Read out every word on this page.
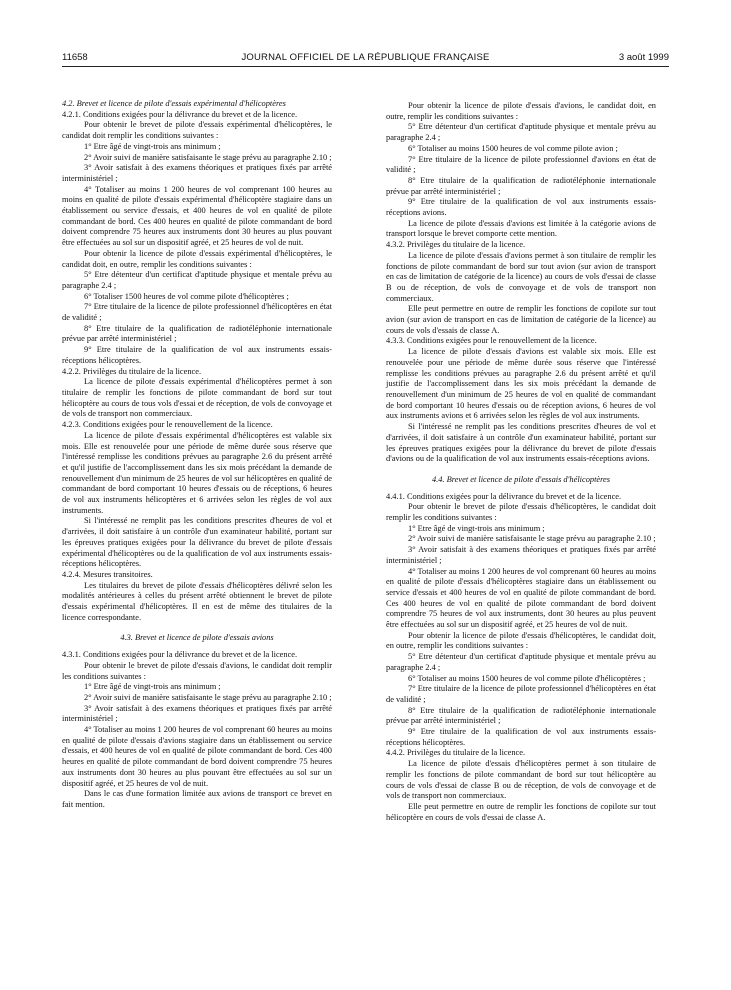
11658	JOURNAL OFFICIEL DE LA RÉPUBLIQUE FRANÇAISE	3 août 1999

4.2. Brevet et licence de pilote d'essais expérimental d'hélicoptères

4.2.1. Conditions exigées pour la délivrance du brevet et de la licence.

Pour obtenir le brevet de pilote d'essais expérimental d'hélicoptères, le candidat doit remplir les conditions suivantes :

1° Etre âgé de vingt-trois ans minimum ;

2° Avoir suivi de manière satisfaisante le stage prévu au paragraphe 2.10 ;

3° Avoir satisfait à des examens théoriques et pratiques fixés par arrêté interministériel ;

4° Totaliser au moins 1 200 heures de vol comprenant 100 heures au moins en qualité de pilote d'essais expérimental d'hélicoptère stagiaire dans un établissement ou service d'essais, et 400 heures de vol en qualité de pilote commandant de bord. Ces 400 heures en qualité de pilote commandant de bord doivent comprendre 75 heures aux instruments dont 30 heures au plus pouvant être effectuées au sol sur un dispositif agréé, et 25 heures de vol de nuit.

Pour obtenir la licence de pilote d'essais expérimental d'hélicoptères, le candidat doit, en outre, remplir les conditions suivantes :

5° Etre détenteur d'un certificat d'aptitude physique et mentale prévu au paragraphe 2.4 ;

6° Totaliser 1500 heures de vol comme pilote d'hélicoptères ;

7° Etre titulaire de la licence de pilote professionnel d'hélicoptères en état de validité ;

8° Etre titulaire de la qualification de radiotéléphonie internationale prévue par arrêté interministériel ;

9° Etre titulaire de la qualification de vol aux instruments essais-réceptions hélicoptères.

4.2.2. Privilèges du titulaire de la licence.

La licence de pilote d'essais expérimental d'hélicoptères permet à son titulaire de remplir les fonctions de pilote commandant de bord sur tout hélicoptère au cours de tous vols d'essai et de réception, de vols de convoyage et de vols de transport non commerciaux.

4.2.3. Conditions exigées pour le renouvellement de la licence.

La licence de pilote d'essais expérimental d'hélicoptères est valable six mois. Elle est renouvelée pour une période de même durée sous réserve que l'intéressé remplisse les conditions prévues au paragraphe 2.6 du présent arrêté et qu'il justifie de l'accomplissement dans les six mois précédant la demande de renouvellement d'un minimum de 25 heures de vol sur hélicoptères en qualité de commandant de bord comportant 10 heures d'essais ou de réceptions, 6 heures de vol aux instruments hélicoptères et 6 arrivées selon les règles de vol aux instruments.

Si l'intéressé ne remplit pas les conditions prescrites d'heures de vol et d'arrivées, il doit satisfaire à un contrôle d'un examinateur habilité, portant sur les épreuves pratiques exigées pour la délivrance du brevet de pilote d'essais expérimental d'hélicoptères ou de la qualification de vol aux instruments essais-réceptions hélicoptères.

4.2.4. Mesures transitoires.

Les titulaires du brevet de pilote d'essais d'hélicoptères délivré selon les modalités antérieures à celles du présent arrêté obtiennent le brevet de pilote d'essais expérimental d'hélicoptères. Il en est de même des titulaires de la licence correspondante.

4.3. Brevet et licence de pilote d'essais avions

4.3.1. Conditions exigées pour la délivrance du brevet et de la licence.

Pour obtenir le brevet de pilote d'essais d'avions, le candidat doit remplir les conditions suivantes :

1° Etre âgé de vingt-trois ans minimum ;

2° Avoir suivi de manière satisfaisante le stage prévu au paragraphe 2.10 ;

3° Avoir satisfait à des examens théoriques et pratiques fixés par arrêté interministériel ;

4° Totaliser au moins 1 200 heures de vol comprenant 60 heures au moins en qualité de pilote d'essais d'avions stagiaire dans un établissement ou service d'essais, et 400 heures de vol en qualité de pilote commandant de bord. Ces 400 heures en qualité de pilote commandant de bord doivent comprendre 75 heures aux instruments dont 30 heures au plus pouvant être effectuées au sol sur un dispositif agréé, et 25 heures de vol de nuit.

Dans le cas d'une formation limitée aux avions de transport ce brevet en fait mention.

Pour obtenir la licence de pilote d'essais d'avions, le candidat doit, en outre, remplir les conditions suivantes :

5° Etre détenteur d'un certificat d'aptitude physique et mentale prévu au paragraphe 2.4 ;

6° Totaliser au moins 1500 heures de vol comme pilote avion ;

7° Etre titulaire de la licence de pilote professionnel d'avions en état de validité ;

8° Etre titulaire de la qualification de radiotéléphonie internationale prévue par arrêté interministériel ;

9° Etre titulaire de la qualification de vol aux instruments essais-réceptions avions.

La licence de pilote d'essais d'avions est limitée à la catégorie avions de transport lorsque le brevet comporte cette mention.

4.3.2. Privilèges du titulaire de la licence.

La licence de pilote d'essais d'avions permet à son titulaire de remplir les fonctions de pilote commandant de bord sur tout avion (sur avion de transport en cas de limitation de catégorie de la licence) au cours de vols d'essai de classe B ou de réception, de vols de convoyage et de vols de transport non commerciaux.

Elle peut permettre en outre de remplir les fonctions de copilote sur tout avion (sur avion de transport en cas de limitation de catégorie de la licence) au cours de vols d'essais de classe A.

4.3.3. Conditions exigées pour le renouvellement de la licence.

La licence de pilote d'essais d'avions est valable six mois. Elle est renouvelée pour une période de même durée sous réserve que l'intéressé remplisse les conditions prévues au paragraphe 2.6 du présent arrêté et qu'il justifie de l'accomplissement dans les six mois précédant la demande de renouvellement d'un minimum de 25 heures de vol en qualité de commandant de bord comportant 10 heures d'essais ou de réception avions, 6 heures de vol aux instruments avions et 6 arrivées selon les règles de vol aux instruments.

Si l'intéressé ne remplit pas les conditions prescrites d'heures de vol et d'arrivées, il doit satisfaire à un contrôle d'un examinateur habilité, portant sur les épreuves pratiques exigées pour la délivrance du brevet de pilote d'essais d'avions ou de la qualification de vol aux instruments essais-réceptions avions.

4.4. Brevet et licence de pilote d'essais d'hélicoptères

4.4.1. Conditions exigées pour la délivrance du brevet et de la licence.

Pour obtenir le brevet de pilote d'essais d'hélicoptères, le candidat doit remplir les conditions suivantes :

1° Etre âgé de vingt-trois ans minimum ;

2° Avoir suivi de manière satisfaisante le stage prévu au paragraphe 2.10 ;

3° Avoir satisfait à des examens théoriques et pratiques fixés par arrêté interministériel ;

4° Totaliser au moins 1 200 heures de vol comprenant 60 heures au moins en qualité de pilote d'essais d'hélicoptères stagiaire dans un établissement ou service d'essais et 400 heures de vol en qualité de pilote commandant de bord. Ces 400 heures de vol en qualité de pilote commandant de bord doivent comprendre 75 heures de vol aux instruments, dont 30 heures au plus peuvent être effectuées au sol sur un dispositif agréé, et 25 heures de vol de nuit.

Pour obtenir la licence de pilote d'essais d'hélicoptères, le candidat doit, en outre, remplir les conditions suivantes :

5° Etre détenteur d'un certificat d'aptitude physique et mentale prévu au paragraphe 2.4 ;

6° Totaliser au moins 1500 heures de vol comme pilote d'hélicoptères ;

7° Etre titulaire de la licence de pilote professionnel d'hélicoptères en état de validité ;

8° Etre titulaire de la qualification de radiotéléphonie internationale prévue par arrêté interministériel ;

9° Etre titulaire de la qualification de vol aux instruments essais-réceptions hélicoptères.

4.4.2. Privilèges du titulaire de la licence.

La licence de pilote d'essais d'hélicoptères permet à son titulaire de remplir les fonctions de pilote commandant de bord sur tout hélicoptère au cours de vols d'essai de classe B ou de réception, de vols de convoyage et de vols de transport non commerciaux.

Elle peut permettre en outre de remplir les fonctions de copilote sur tout hélicoptère en cours de vols d'essai de classe A.
